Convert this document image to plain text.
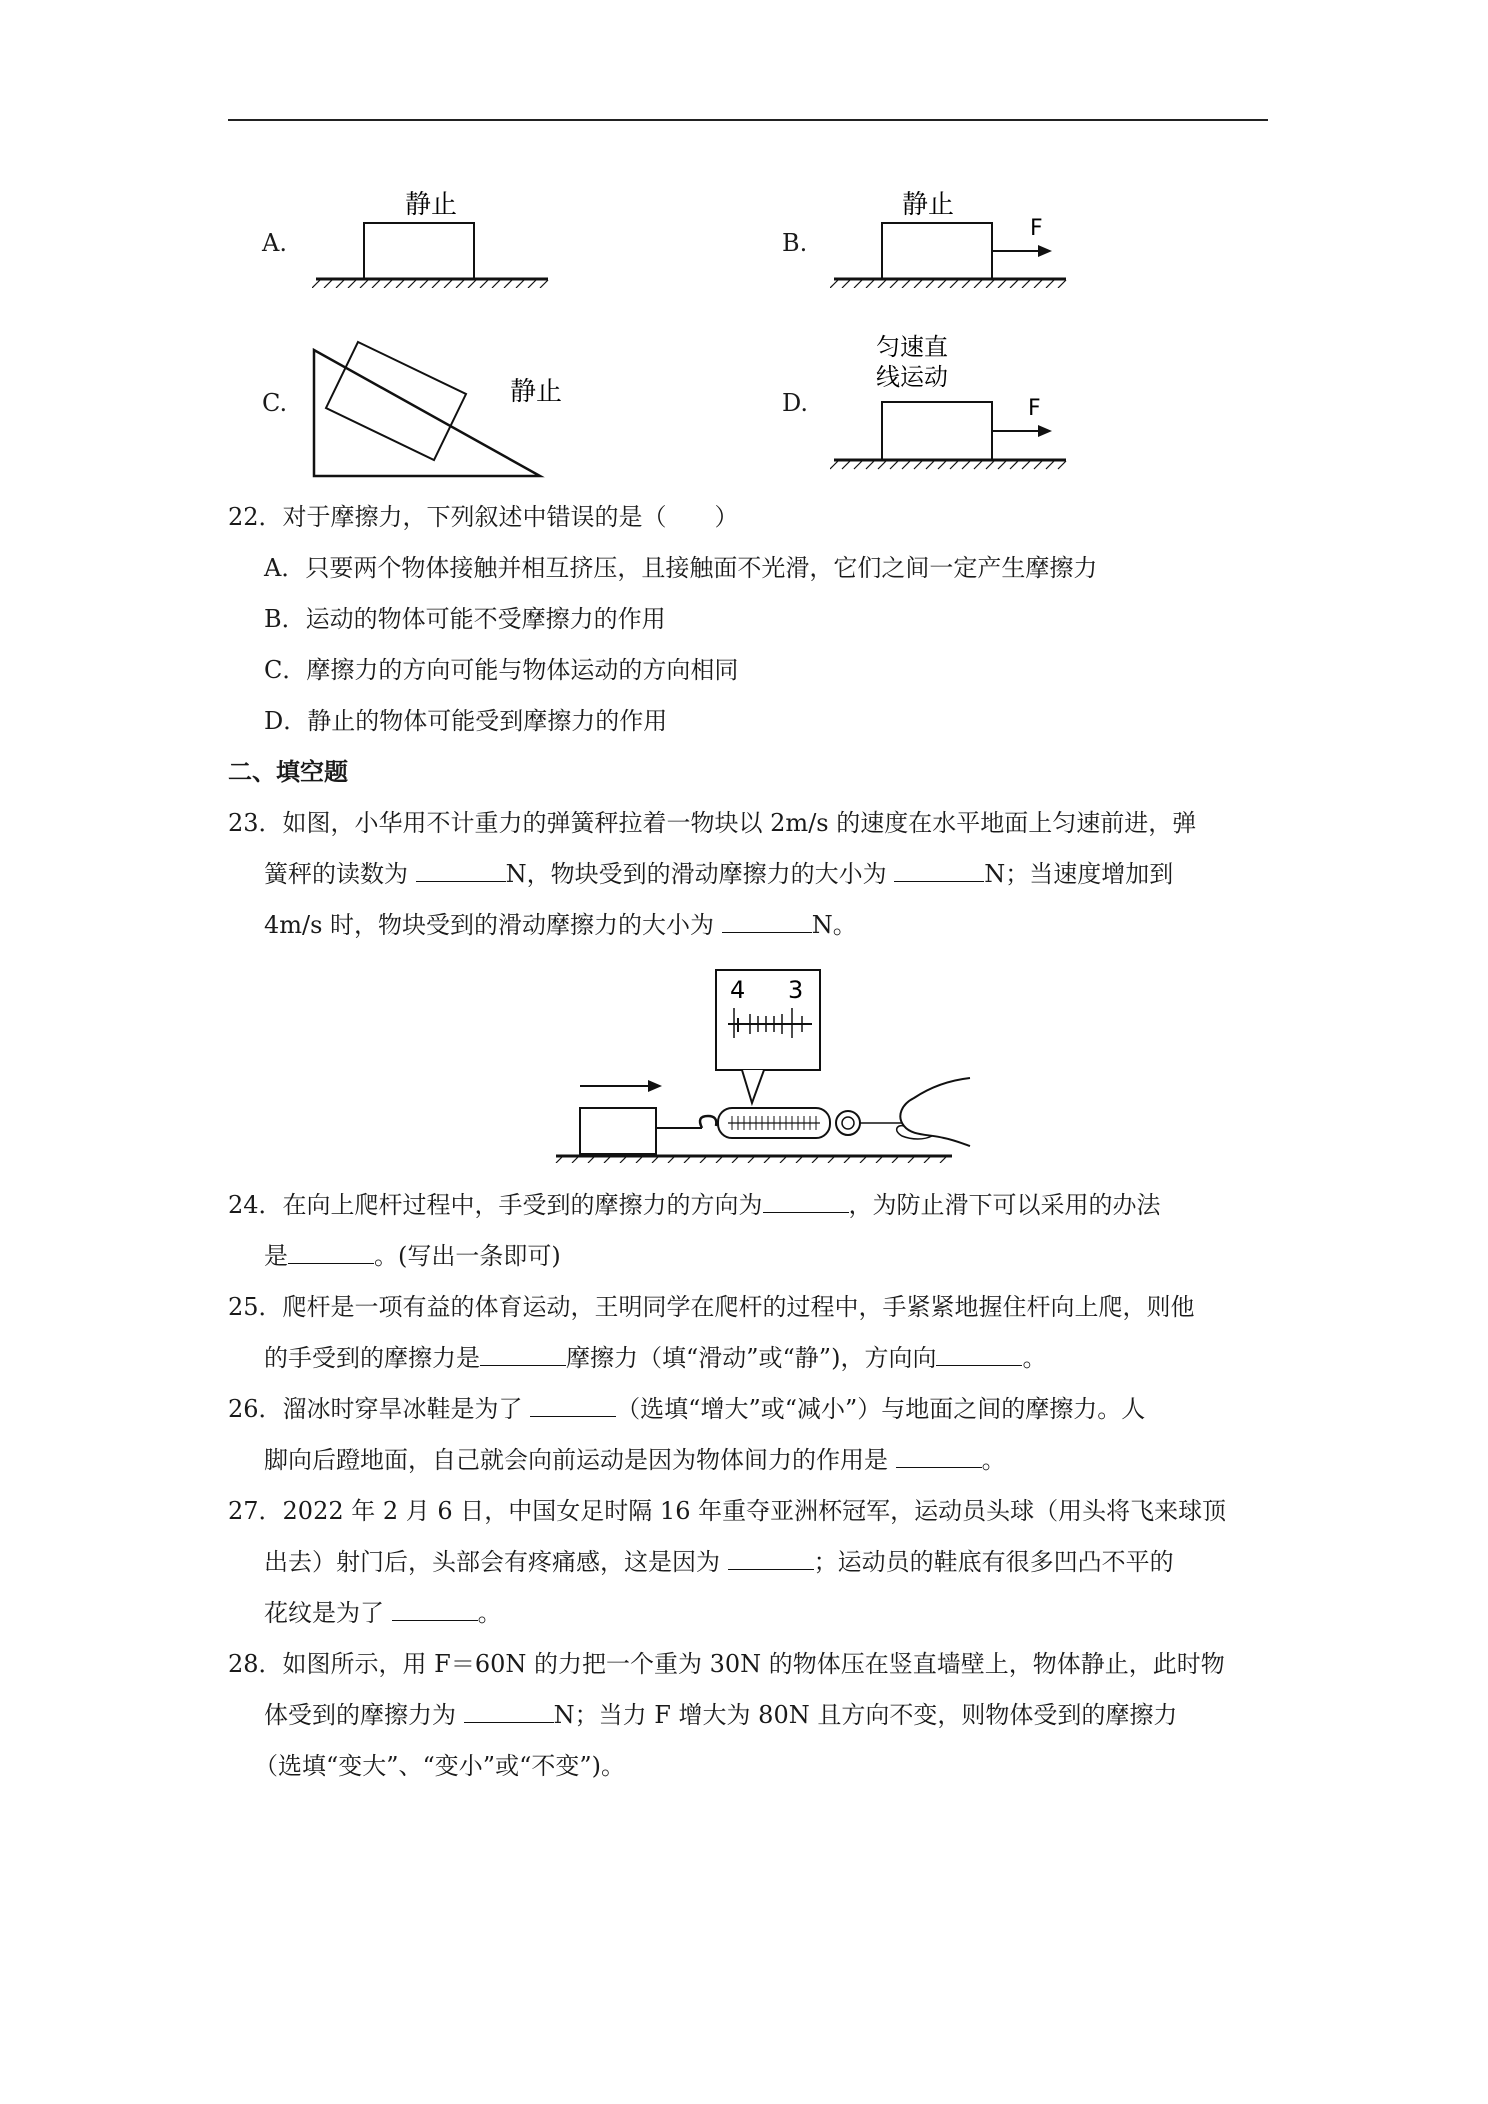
A.
静止
B.
静止
F
C.	静止	D.
匀速直
线运动
F
22．对于摩擦力，下列叙述中错误的是（　　）
A．只要两个物体接触并相互挤压，且接触面不光滑，它们之间一定产生摩擦力
B．运动的物体可能不受摩擦力的作用
C．摩擦力的方向可能与物体运动的方向相同
D．静止的物体可能受到摩擦力的作用
二、填空题
23．如图，小华用不计重力的弹簧秤拉着一物块以 2m/s 的速度在水平地面上匀速前进，弹
簧秤的读数为	N，物块受到的滑动摩擦力的大小为	N；当速度增加到
4m/s 时，物块受到的滑动摩擦力的大小为	N。
4 3
24．在向上爬杆过程中，手受到的摩擦力的方向为	，为防止滑下可以采用的办法
是	。(写出一条即可)
25．爬杆是一项有益的体育运动，王明同学在爬杆的过程中，手紧紧地握住杆向上爬，则他
的手受到的摩擦力是	摩擦力（填“滑动”或“静”)，方向向	。
26．溜冰时穿旱冰鞋是为了	（选填“增大”或“减小”）与地面之间的摩擦力。人
脚向后蹬地面，自己就会向前运动是因为物体间力的作用是	。
27．2022 年 2 月 6 日，中国女足时隔 16 年重夺亚洲杯冠军，运动员头球（用头将飞来球顶
出去）射门后，头部会有疼痛感，这是因为	；运动员的鞋底有很多凹凸不平的
花纹是为了	。
28．如图所示，用 F＝60N 的力把一个重为 30N 的物体压在竖直墙壁上，物体静止，此时物
体受到的摩擦力为	N；当力 F 增大为 80N 且方向不变，则物体受到的摩擦力
（选填“变大”、“变小”或“不变”)。
